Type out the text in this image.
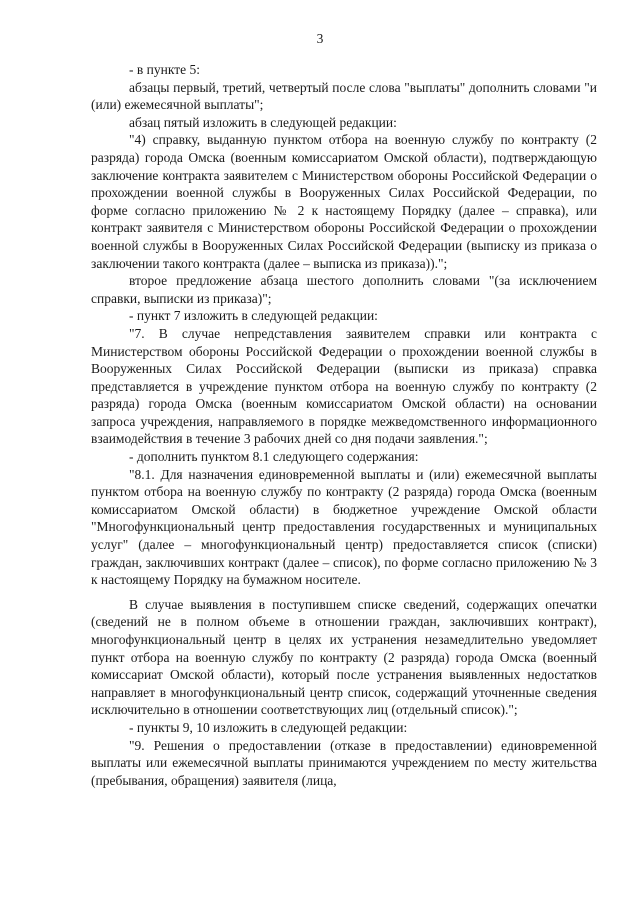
3

- в пункте 5:

абзацы первый, третий, четвертый после слова "выплаты" дополнить словами "и (или) ежемесячной выплаты";

абзац пятый изложить в следующей редакции:

"4) справку, выданную пунктом отбора на военную службу по контракту (2 разряда) города Омска (военным комиссариатом Омской области), подтверждающую заключение контракта заявителем с Министерством обороны Российской Федерации о прохождении военной службы в Вооруженных Силах Российской Федерации, по форме согласно приложению № 2 к настоящему Порядку (далее – справка), или контракт заявителя с Министерством обороны Российской Федерации о прохождении военной службы в Вооруженных Силах Российской Федерации (выписку из приказа о заключении такого контракта (далее – выписка из приказа)).";

второе предложение абзаца шестого дополнить словами "(за исключением справки, выписки из приказа)";

- пункт 7 изложить в следующей редакции:

"7. В случае непредставления заявителем справки или контракта с Министерством обороны Российской Федерации о прохождении военной службы в Вооруженных Силах Российской Федерации (выписки из приказа) справка представляется в учреждение пунктом отбора на военную службу по контракту (2 разряда) города Омска (военным комиссариатом Омской области) на основании запроса учреждения, направляемого в порядке межведомственного информационного взаимодействия в течение 3 рабочих дней со дня подачи заявления.";

- дополнить пунктом 8.1 следующего содержания:

"8.1. Для назначения единовременной выплаты и (или) ежемесячной выплаты пунктом отбора на военную службу по контракту (2 разряда) города Омска (военным комиссариатом Омской области) в бюджетное учреждение Омской области "Многофункциональный центр предоставления государственных и муниципальных услуг" (далее – многофункциональный центр) предоставляется список (списки) граждан, заключивших контракт (далее – список), по форме согласно приложению № 3 к настоящему Порядку на бумажном носителе.

В случае выявления в поступившем списке сведений, содержащих опечатки (сведений не в полном объеме в отношении граждан, заключивших контракт), многофункциональный центр в целях их устранения незамедлительно уведомляет пункт отбора на военную службу по контракту (2 разряда) города Омска (военный комиссариат Омской области), который после устранения выявленных недостатков направляет в многофункциональный центр список, содержащий уточненные сведения исключительно в отношении соответствующих лиц (отдельный список).";

- пункты 9, 10 изложить в следующей редакции:

"9. Решения о предоставлении (отказе в предоставлении) единовременной выплаты или ежемесячной выплаты принимаются учреждением по месту жительства (пребывания, обращения) заявителя (лица,
